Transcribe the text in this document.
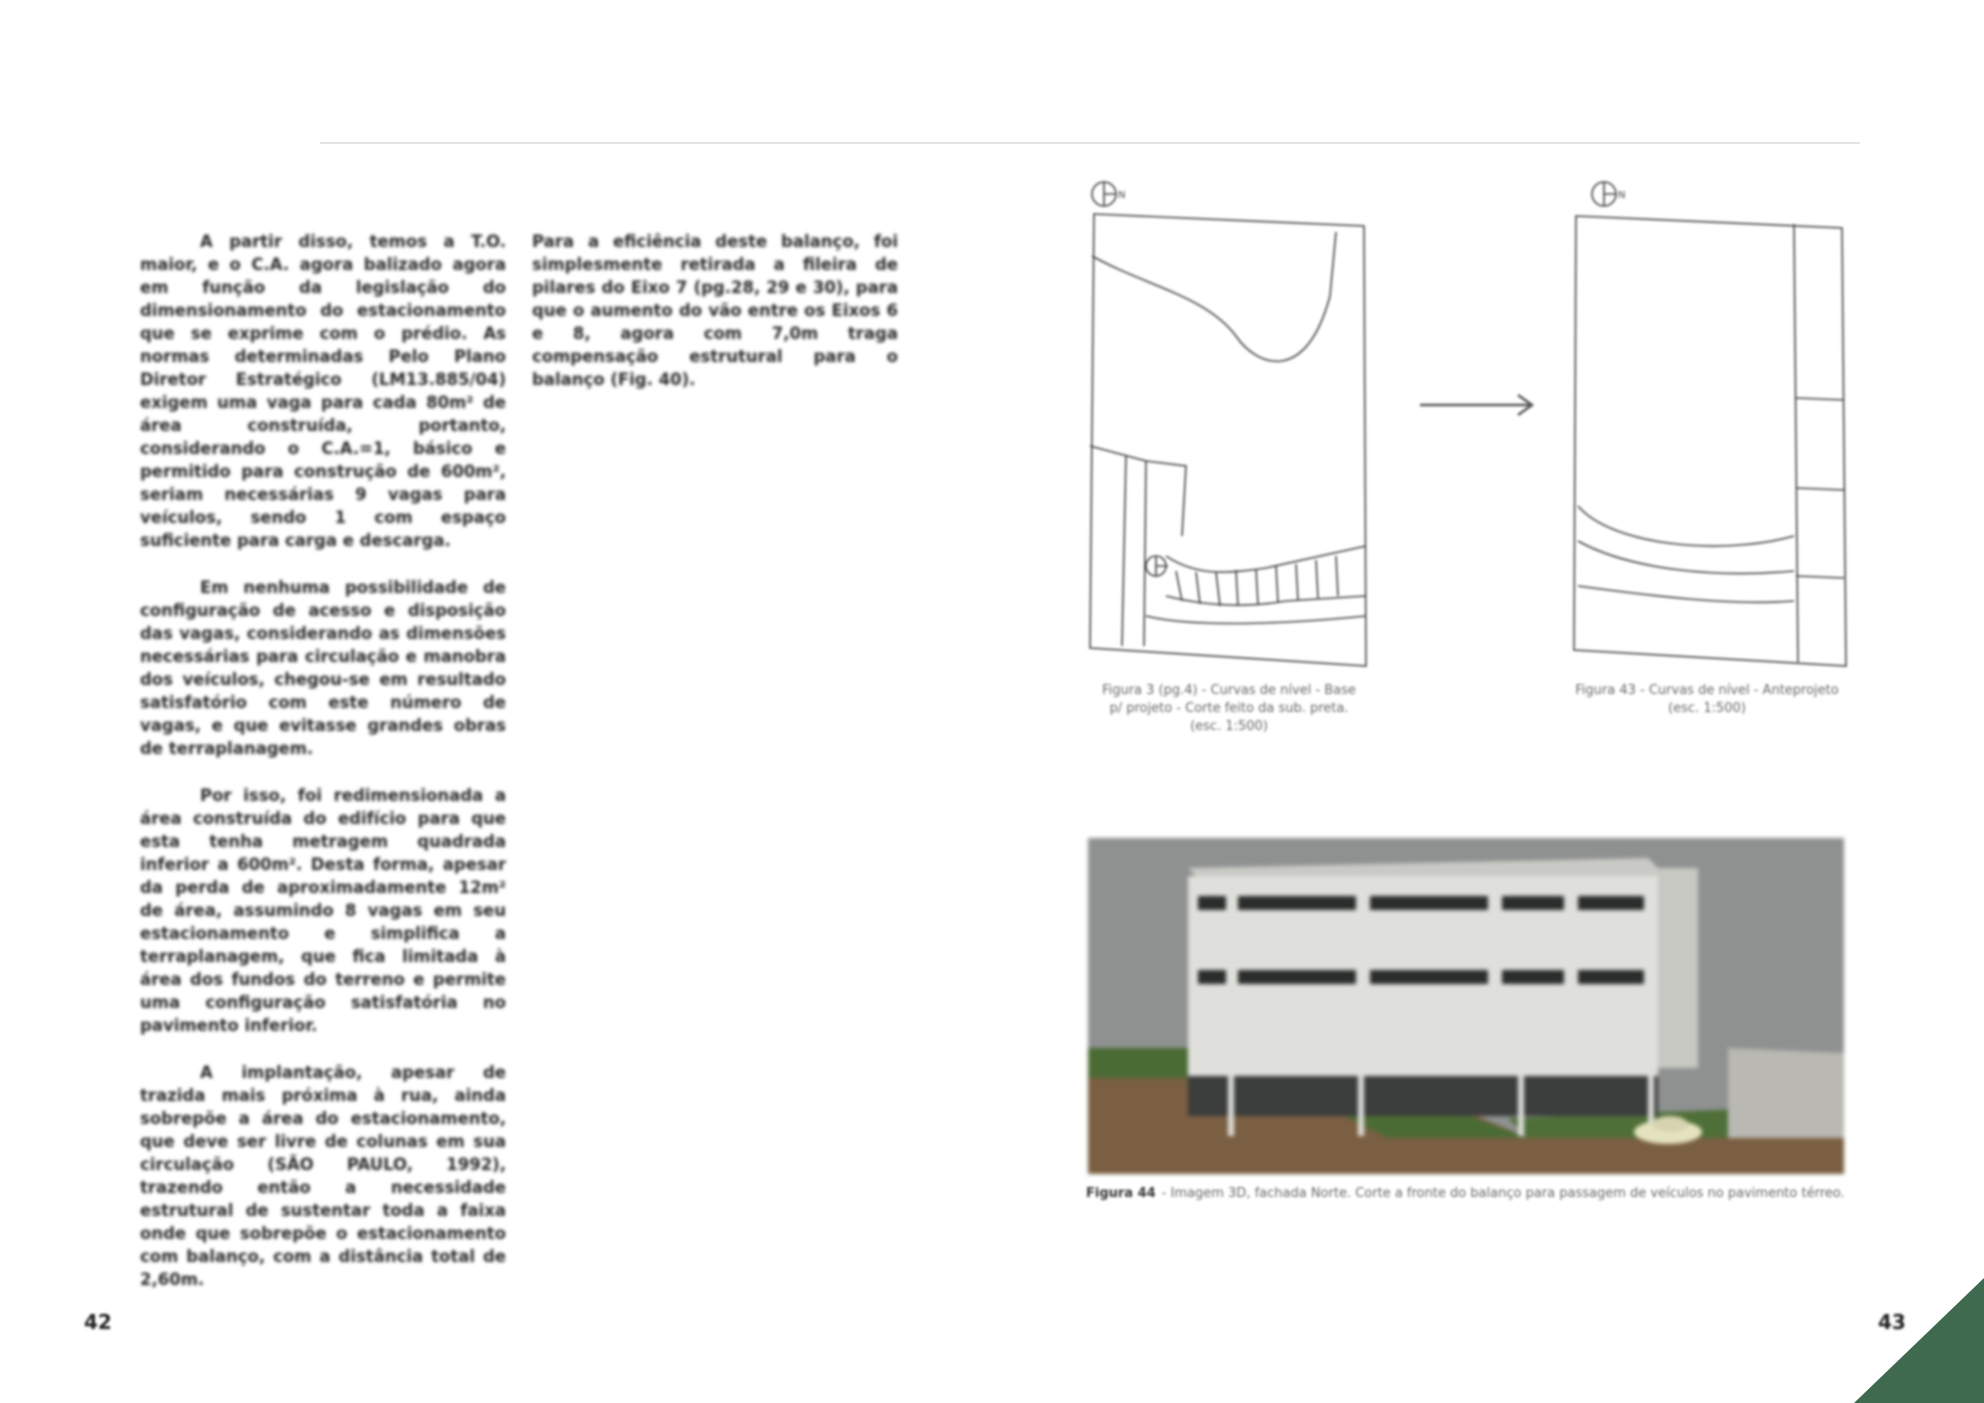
A partir disso, temos a T.O. maior, e o C.A. agora balizado agora em função da legislação do dimensionamento do estacionamento que se exprime com o prédio. As normas determinadas Pelo Plano Diretor Estratégico (LM13.885/04) exigem uma vaga para cada 80m² de área construída, portanto, considerando o C.A.=1, básico e permitido para construção de 600m², seriam necessárias 9 vagas para veículos, sendo 1 com espaço suficiente para carga e descarga.

Em nenhuma possibilidade de configuração de acesso e disposição das vagas, considerando as dimensões necessárias para circulação e manobra dos veículos, chegou-se em resultado satisfatório com este número de vagas, e que evitasse grandes obras de terraplanagem.

Por isso, foi redimensionada a área construída do edifício para que esta tenha metragem quadrada inferior a 600m². Desta forma, apesar da perda de aproximadamente 12m² de área, assumindo 8 vagas em seu estacionamento e simplifica a terraplanagem, que fica limitada à área dos fundos do terreno e permite uma configuração satisfatória no pavimento inferior.

A implantação, apesar de trazida mais próxima à rua, ainda sobrepõe a área do estacionamento, que deve ser livre de colunas em sua circulação (SÃO PAULO, 1992), trazendo então a necessidade estrutural de sustentar toda a faixa onde que sobrepõe o estacionamento com balanço, com a distância total de 2,60m.

Para a eficiência deste balanço, foi simplesmente retirada a fileira de pilares do Eixo 7 (pg.28, 29 e 30), para que o aumento do vão entre os Eixos 6 e 8, agora com 7,0m traga compensação estrutural para o balanço (Fig. 40).

N	N
Figura 3 (pg.4) - Curvas de nível - Base p/ projeto - Corte feito da sub. preta. (esc. 1:500)
Figura 43 - Curvas de nível - Anteprojeto (esc. 1:500)
Figura 44 - Imagem 3D, fachada Norte. Corte a fronte do balanço para passagem de veículos no pavimento térreo.
42	43
